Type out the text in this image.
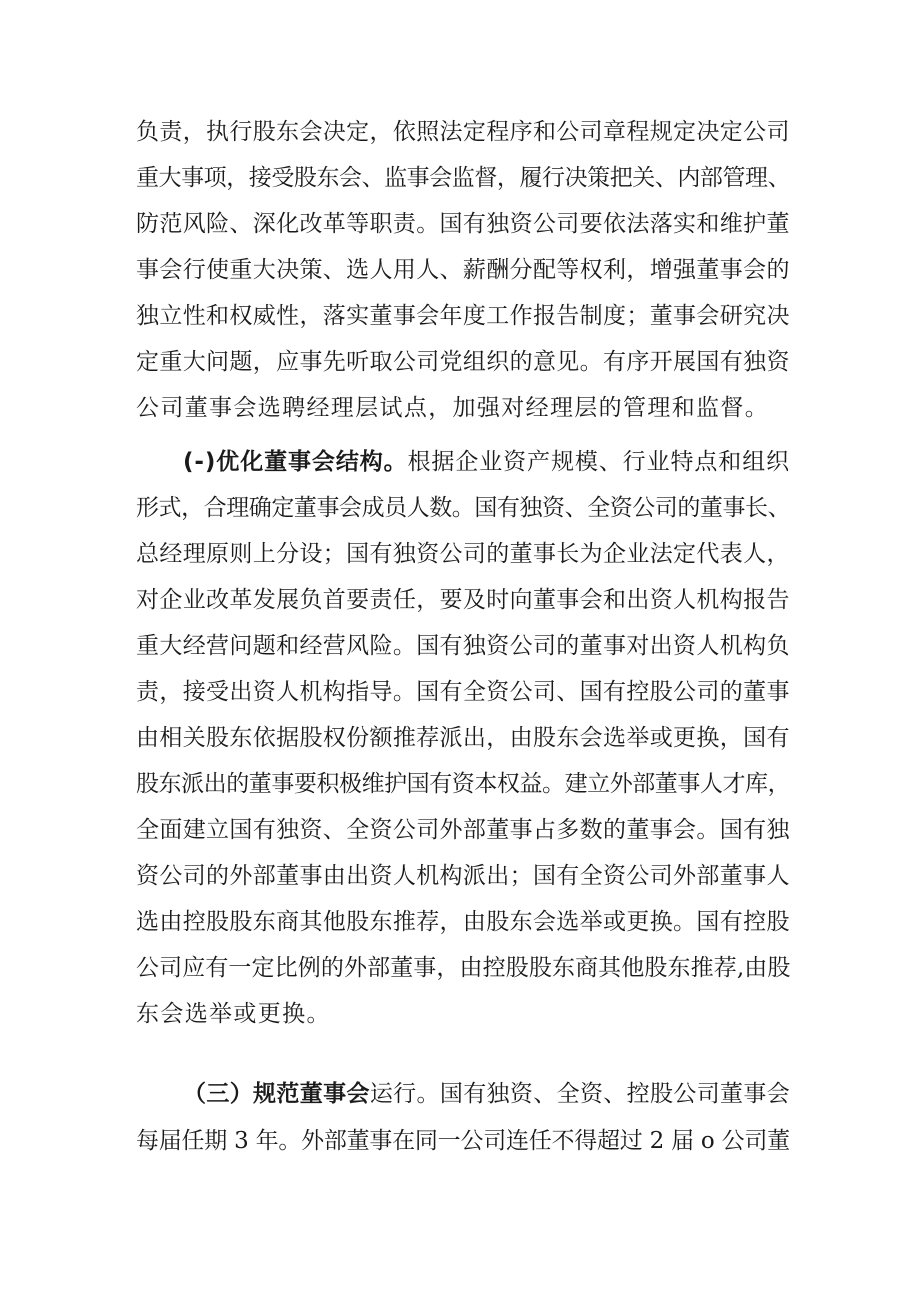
负责，执行股东会决定，依照法定程序和公司章程规定决定公司
重大事项，接受股东会、监事会监督，履行决策把关、内部管理、
防范风险、深化改革等职责。国有独资公司要依法落实和维护董
事会行使重大决策、选人用人、薪酬分配等权利，增强董事会的
独立性和权威性，落实董事会年度工作报告制度；董事会研究决
定重大问题，应事先听取公司党组织的意见。有序开展国有独资
公司董事会选聘经理层试点，加强对经理层的管理和监督。
(-)优化董事会结构。根据企业资产规模、行业特点和组织
形式，合理确定董事会成员人数。国有独资、全资公司的董事长、
总经理原则上分设；国有独资公司的董事长为企业法定代表人，
对企业改革发展负首要责任，要及时向董事会和出资人机构报告
重大经营问题和经营风险。国有独资公司的董事对出资人机构负
责，接受出资人机构指导。国有全资公司、国有控股公司的董事
由相关股东依据股权份额推荐派出，由股东会选举或更换，国有
股东派出的董事要积极维护国有资本权益。建立外部董事人才库，
全面建立国有独资、全资公司外部董事占多数的董事会。国有独
资公司的外部董事由出资人机构派出；国有全资公司外部董事人
选由控股股东商其他股东推荐，由股东会选举或更换。国有控股
公司应有一定比例的外部董事，由控股股东商其他股东推荐,由股
东会选举或更换。
（三）规范董事会运行。国有独资、全资、控股公司董事会
每届任期 3 年。外部董事在同一公司连任不得超过 2 届 o 公司董
